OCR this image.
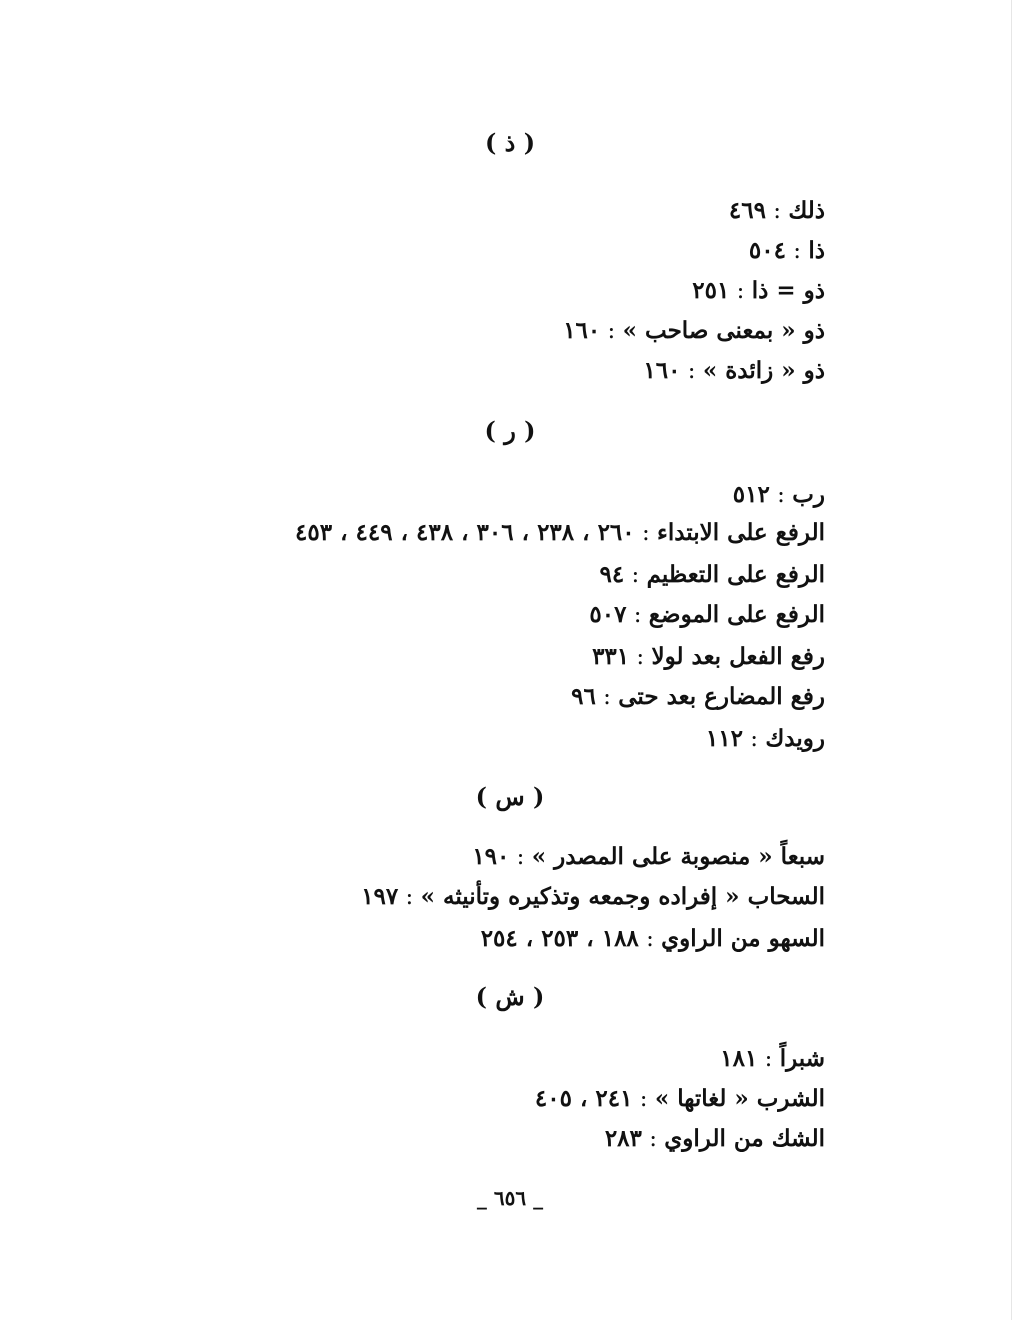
( ذ )
ذلك : ٤٦٩
ذا : ٥٠٤
ذو = ذا : ٢٥١
ذو « بمعنى صاحب » : ١٦٠
ذو « زائدة » : ١٦٠
( ر )
رب : ٥١٢
الرفع على الابتداء : ٢٦٠ ، ٢٣٨ ، ٣٠٦ ، ٤٣٨ ، ٤٤٩ ، ٤٥٣
الرفع على التعظيم : ٩٤
الرفع على الموضع : ٥٠٧
رفع الفعل بعد لولا : ٣٣١
رفع المضارع بعد حتى : ٩٦
رويدك : ١١٢
( س )
سبعاً « منصوبة على المصدر » : ١٩٠
السحاب « إفراده وجمعه وتذكيره وتأنيثه » : ١٩٧
السهو من الراوي : ١٨٨ ، ٢٥٣ ، ٢٥٤
( ش )
شبراً : ١٨١
الشرب « لغاتها » : ٢٤١ ، ٤٠٥
الشك من الراوي : ٢٨٣
_ ٦٥٦ _
